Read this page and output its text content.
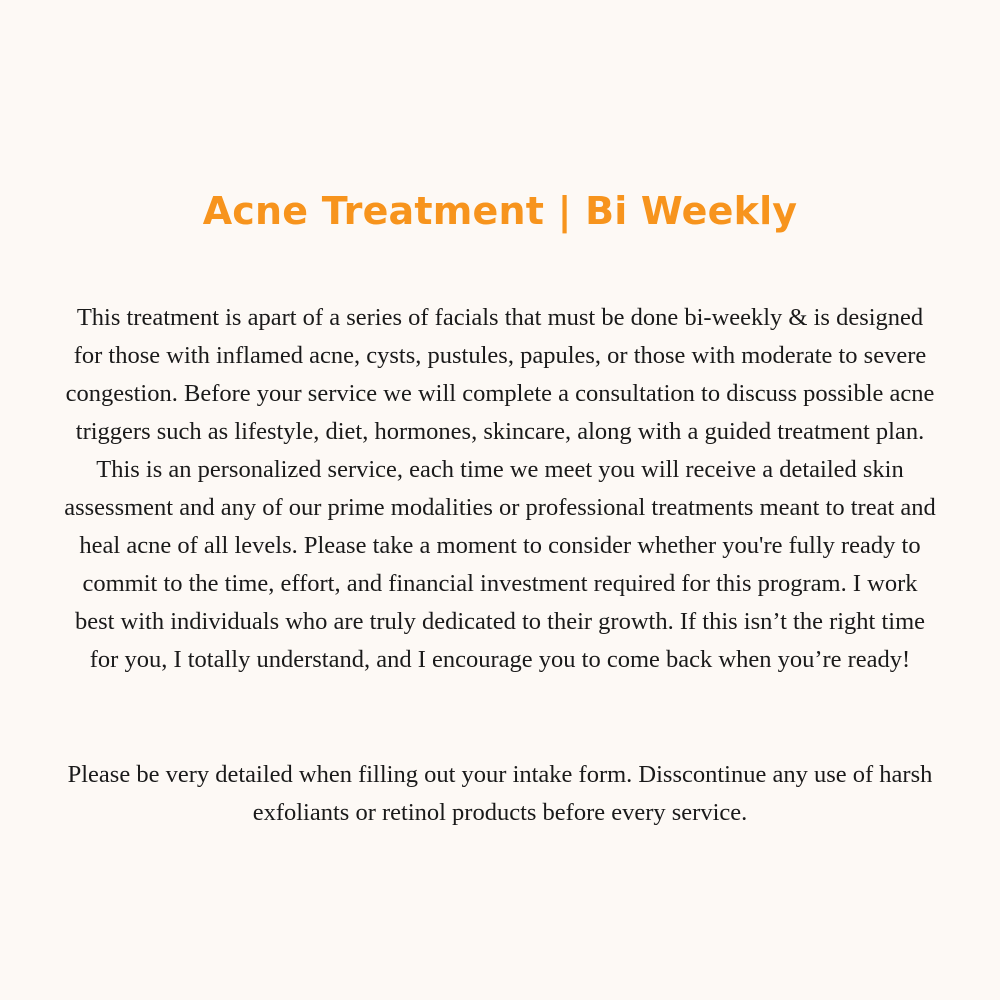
Acne Treatment | Bi Weekly

This treatment is apart of a series of facials that must be done bi-weekly & is designed for those with inflamed acne, cysts, pustules, papules, or those with moderate to severe congestion. Before your service we will complete a consultation to discuss possible acne triggers such as lifestyle, diet, hormones, skincare, along with a guided treatment plan. This is an personalized service, each time we meet you will receive a detailed skin assessment and any of our prime modalities or professional treatments meant to treat and heal acne of all levels. Please take a moment to consider whether you're fully ready to commit to the time, effort, and financial investment required for this program. I work best with individuals who are truly dedicated to their growth. If this isn’t the right time for you, I totally understand, and I encourage you to come back when you’re ready!

Please be very detailed when filling out your intake form. Disscontinue any use of harsh exfoliants or retinol products before every service.
